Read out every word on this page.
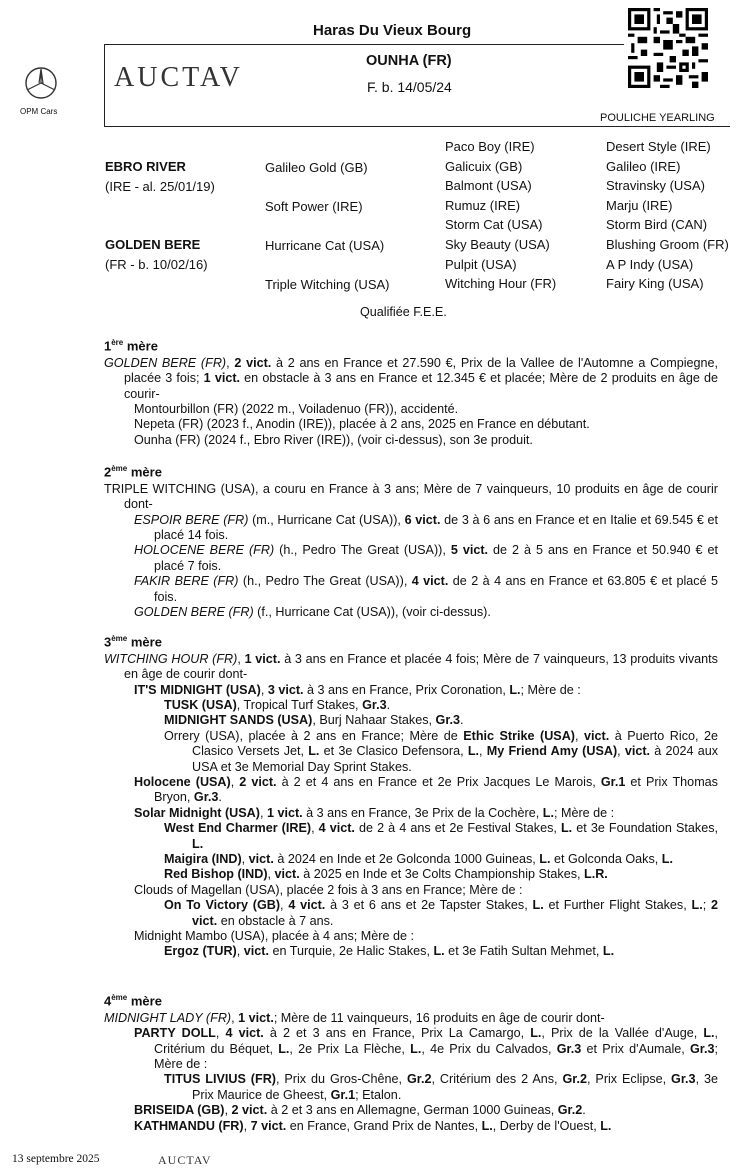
Haras Du Vieux Bourg
OPM Cars
AUCTAV
OUNHA (FR)
F. b. 14/05/24
POULICHE YEARLING
EBRO RIVER
(IRE - al. 25/01/19)
GOLDEN BERE
(FR - b. 10/02/16)
Galileo Gold (GB)
Soft Power (IRE)
Hurricane Cat (USA)
Triple Witching (USA)
Paco Boy (IRE)
Galicuix (GB)
Balmont (USA)
Rumuz (IRE)
Storm Cat (USA)
Sky Beauty (USA)
Pulpit (USA)
Witching Hour (FR)
Desert Style (IRE)
Galileo (IRE)
Stravinsky (USA)
Marju (IRE)
Storm Bird (CAN)
Blushing Groom (FR)
A P Indy (USA)
Fairy King (USA)
Qualifiée F.E.E.
1ère mère

GOLDEN BERE (FR), 2 vict. à 2 ans en France et 27.590 €, Prix de la Vallee de l'Automne a Compiegne, placée 3 fois; 1 vict. en obstacle à 3 ans en France et 12.345 € et placée; Mère de 2 produits en âge de courir-

Montourbillon (FR) (2022 m., Voiladenuo (FR)), accidenté.

Nepeta (FR) (2023 f., Anodin (IRE)), placée à 2 ans, 2025 en France en débutant.

Ounha (FR) (2024 f., Ebro River (IRE)), (voir ci-dessus), son 3e produit.

2ème mère

TRIPLE WITCHING (USA), a couru en France à 3 ans; Mère de 7 vainqueurs, 10 produits en âge de courir dont-

ESPOIR BERE (FR) (m., Hurricane Cat (USA)), 6 vict. de 3 à 6 ans en France et en Italie et 69.545 € et placé 14 fois.

HOLOCENE BERE (FR) (h., Pedro The Great (USA)), 5 vict. de 2 à 5 ans en France et 50.940 € et placé 7 fois.

FAKIR BERE (FR) (h., Pedro The Great (USA)), 4 vict. de 2 à 4 ans en France et 63.805 € et placé 5 fois.

GOLDEN BERE (FR) (f., Hurricane Cat (USA)), (voir ci-dessus).

3ème mère

WITCHING HOUR (FR), 1 vict. à 3 ans en France et placée 4 fois; Mère de 7 vainqueurs, 13 produits vivants en âge de courir dont-

IT'S MIDNIGHT (USA), 3 vict. à 3 ans en France, Prix Coronation, L.; Mère de :

TUSK (USA), Tropical Turf Stakes, Gr.3.

MIDNIGHT SANDS (USA), Burj Nahaar Stakes, Gr.3.

Orrery (USA), placée à 2 ans en France; Mère de Ethic Strike (USA), vict. à Puerto Rico, 2e Clasico Versets Jet, L. et 3e Clasico Defensora, L., My Friend Amy (USA), vict. à 2024 aux USA et 3e Memorial Day Sprint Stakes.

Holocene (USA), 2 vict. à 2 et 4 ans en France et 2e Prix Jacques Le Marois, Gr.1 et Prix Thomas Bryon, Gr.3.

Solar Midnight (USA), 1 vict. à 3 ans en France, 3e Prix de la Cochère, L.; Mère de :

West End Charmer (IRE), 4 vict. de 2 à 4 ans et 2e Festival Stakes, L. et 3e Foundation Stakes, L.

Maigira (IND), vict. à 2024 en Inde et 2e Golconda 1000 Guineas, L. et Golconda Oaks, L.

Red Bishop (IND), vict. à 2025 en Inde et 3e Colts Championship Stakes, L.R.

Clouds of Magellan (USA), placée 2 fois à 3 ans en France; Mère de :

On To Victory (GB), 4 vict. à 3 et 6 ans et 2e Tapster Stakes, L. et Further Flight Stakes, L.; 2 vict. en obstacle à 7 ans.

Midnight Mambo (USA), placée à 4 ans; Mère de :

Ergoz (TUR), vict. en Turquie, 2e Halic Stakes, L. et 3e Fatih Sultan Mehmet, L.

4ème mère

MIDNIGHT LADY (FR), 1 vict.; Mère de 11 vainqueurs, 16 produits en âge de courir dont-

PARTY DOLL, 4 vict. à 2 et 3 ans en France, Prix La Camargo, L., Prix de la Vallée d'Auge, L., Critérium du Béquet, L., 2e Prix La Flèche, L., 4e Prix du Calvados, Gr.3 et Prix d'Aumale, Gr.3; Mère de :

TITUS LIVIUS (FR), Prix du Gros-Chêne, Gr.2, Critérium des 2 Ans, Gr.2, Prix Eclipse, Gr.3, 3e Prix Maurice de Gheest, Gr.1; Etalon.

BRISEIDA (GB), 2 vict. à 2 et 3 ans en Allemagne, German 1000 Guineas, Gr.2.

KATHMANDU (FR), 7 vict. en France, Grand Prix de Nantes, L., Derby de l'Ouest, L.

13 septembre 2025	AUCTAV
